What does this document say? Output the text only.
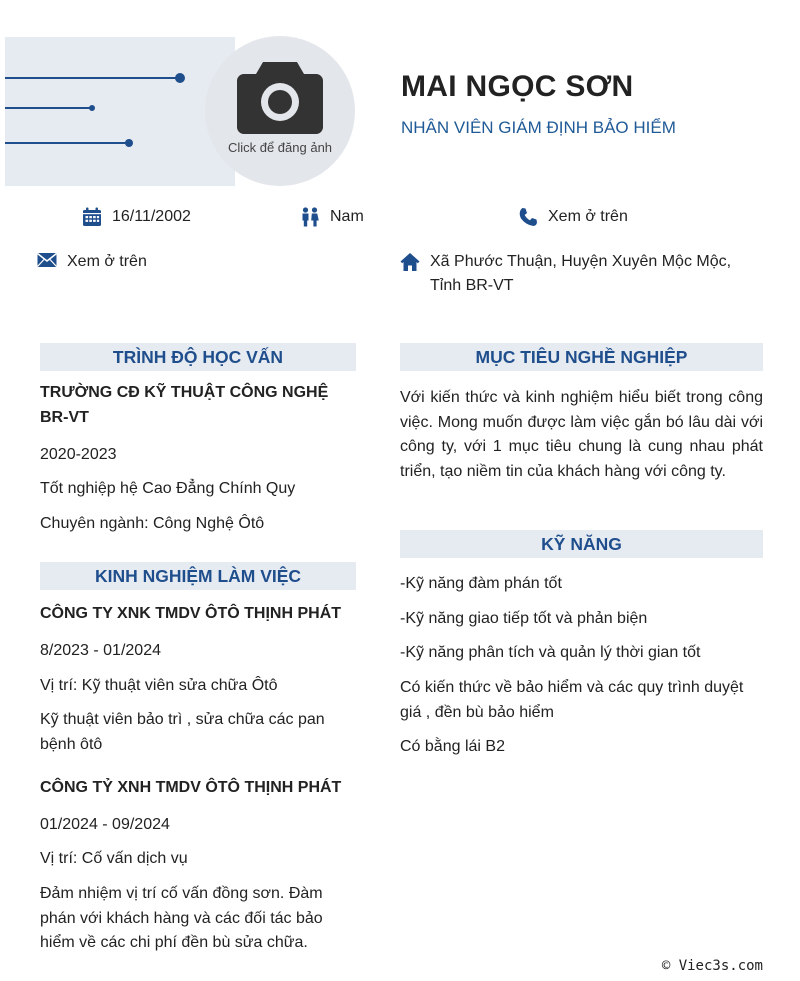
Click để đăng ảnh
MAI NGỌC SƠN
NHÂN VIÊN GIÁM ĐỊNH BẢO HIỂM
16/11/2002	Nam	Xem ở trên
Xem ở trên	Xã Phước Thuận, Huyện Xuyên Mộc Mộc,
Tỉnh BR-VT
TRÌNH ĐỘ HỌC VẤN
TRƯỜNG CĐ KỸ THUẬT CÔNG NGHỆ BR-VT
2020-2023
Tốt nghiệp hệ Cao Đẳng Chính Quy
Chuyên ngành: Công Nghệ Ôtô
KINH NGHIỆM LÀM VIỆC
CÔNG TY XNK TMDV ÔTÔ THỊNH PHÁT
8/2023 - 01/2024
Vị trí: Kỹ thuật viên sửa chữa Ôtô
Kỹ thuật viên bảo trì , sửa chữa các pan bệnh ôtô
CÔNG TỶ XNH TMDV ÔTÔ THỊNH PHÁT
01/2024 - 09/2024
Vị trí: Cố vấn dịch vụ
Đảm nhiệm vị trí cố vấn đồng sơn. Đàm phán với khách hàng và các đối tác bảo hiểm về các chi phí đền bù sửa chữa.
MỤC TIÊU NGHỀ NGHIỆP
Với kiến thức và kinh nghiệm hiểu biết trong công việc. Mong muốn được làm việc gắn bó lâu dài với công ty, với 1 mục tiêu chung là cung nhau phát triển, tạo niềm tin của khách hàng với công ty.
KỸ NĂNG
-Kỹ năng đàm phán tốt
-Kỹ năng giao tiếp tốt và phản biện
-Kỹ năng phân tích và quản lý thời gian tốt
Có kiến thức về bảo hiểm và các quy trình duyệt giá , đền bù bảo hiểm
Có bằng lái B2
© Viec3s.com
